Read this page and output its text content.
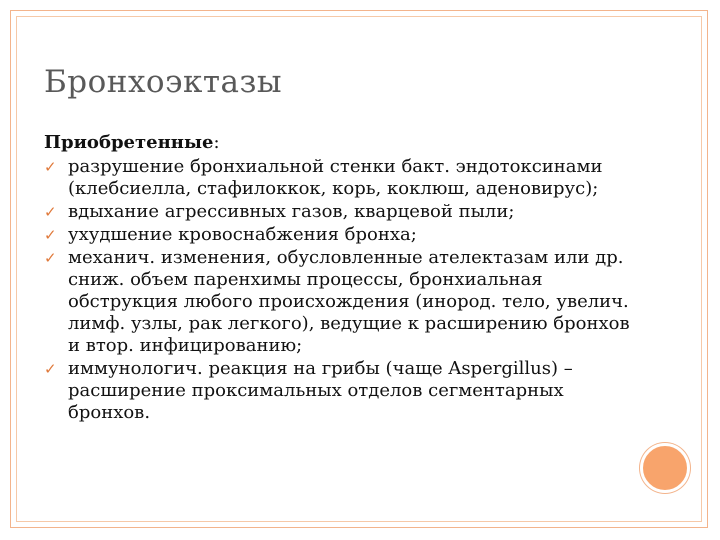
Бронхоэктазы
Приобретенные:
✓ разрушение бронхиальной стенки бакт. эндотоксинами (клебсиелла, стафилоккок, корь, коклюш, аденовирус);
✓ вдыхание агрессивных газов, кварцевой пыли;
✓ ухудшение кровоснабжения бронха;
✓ механич. изменения, обусловленные ателектазам или др. сниж. объем паренхимы процессы, бронхиальная обструкция любого происхождения (инород. тело, увелич. лимф. узлы, рак легкого), ведущие к расширению бронхов и втор. инфицированию;
✓ иммунологич. реакция на грибы (чаще Aspergillus) – расширение проксимальных отделов сегментарных бронхов.
